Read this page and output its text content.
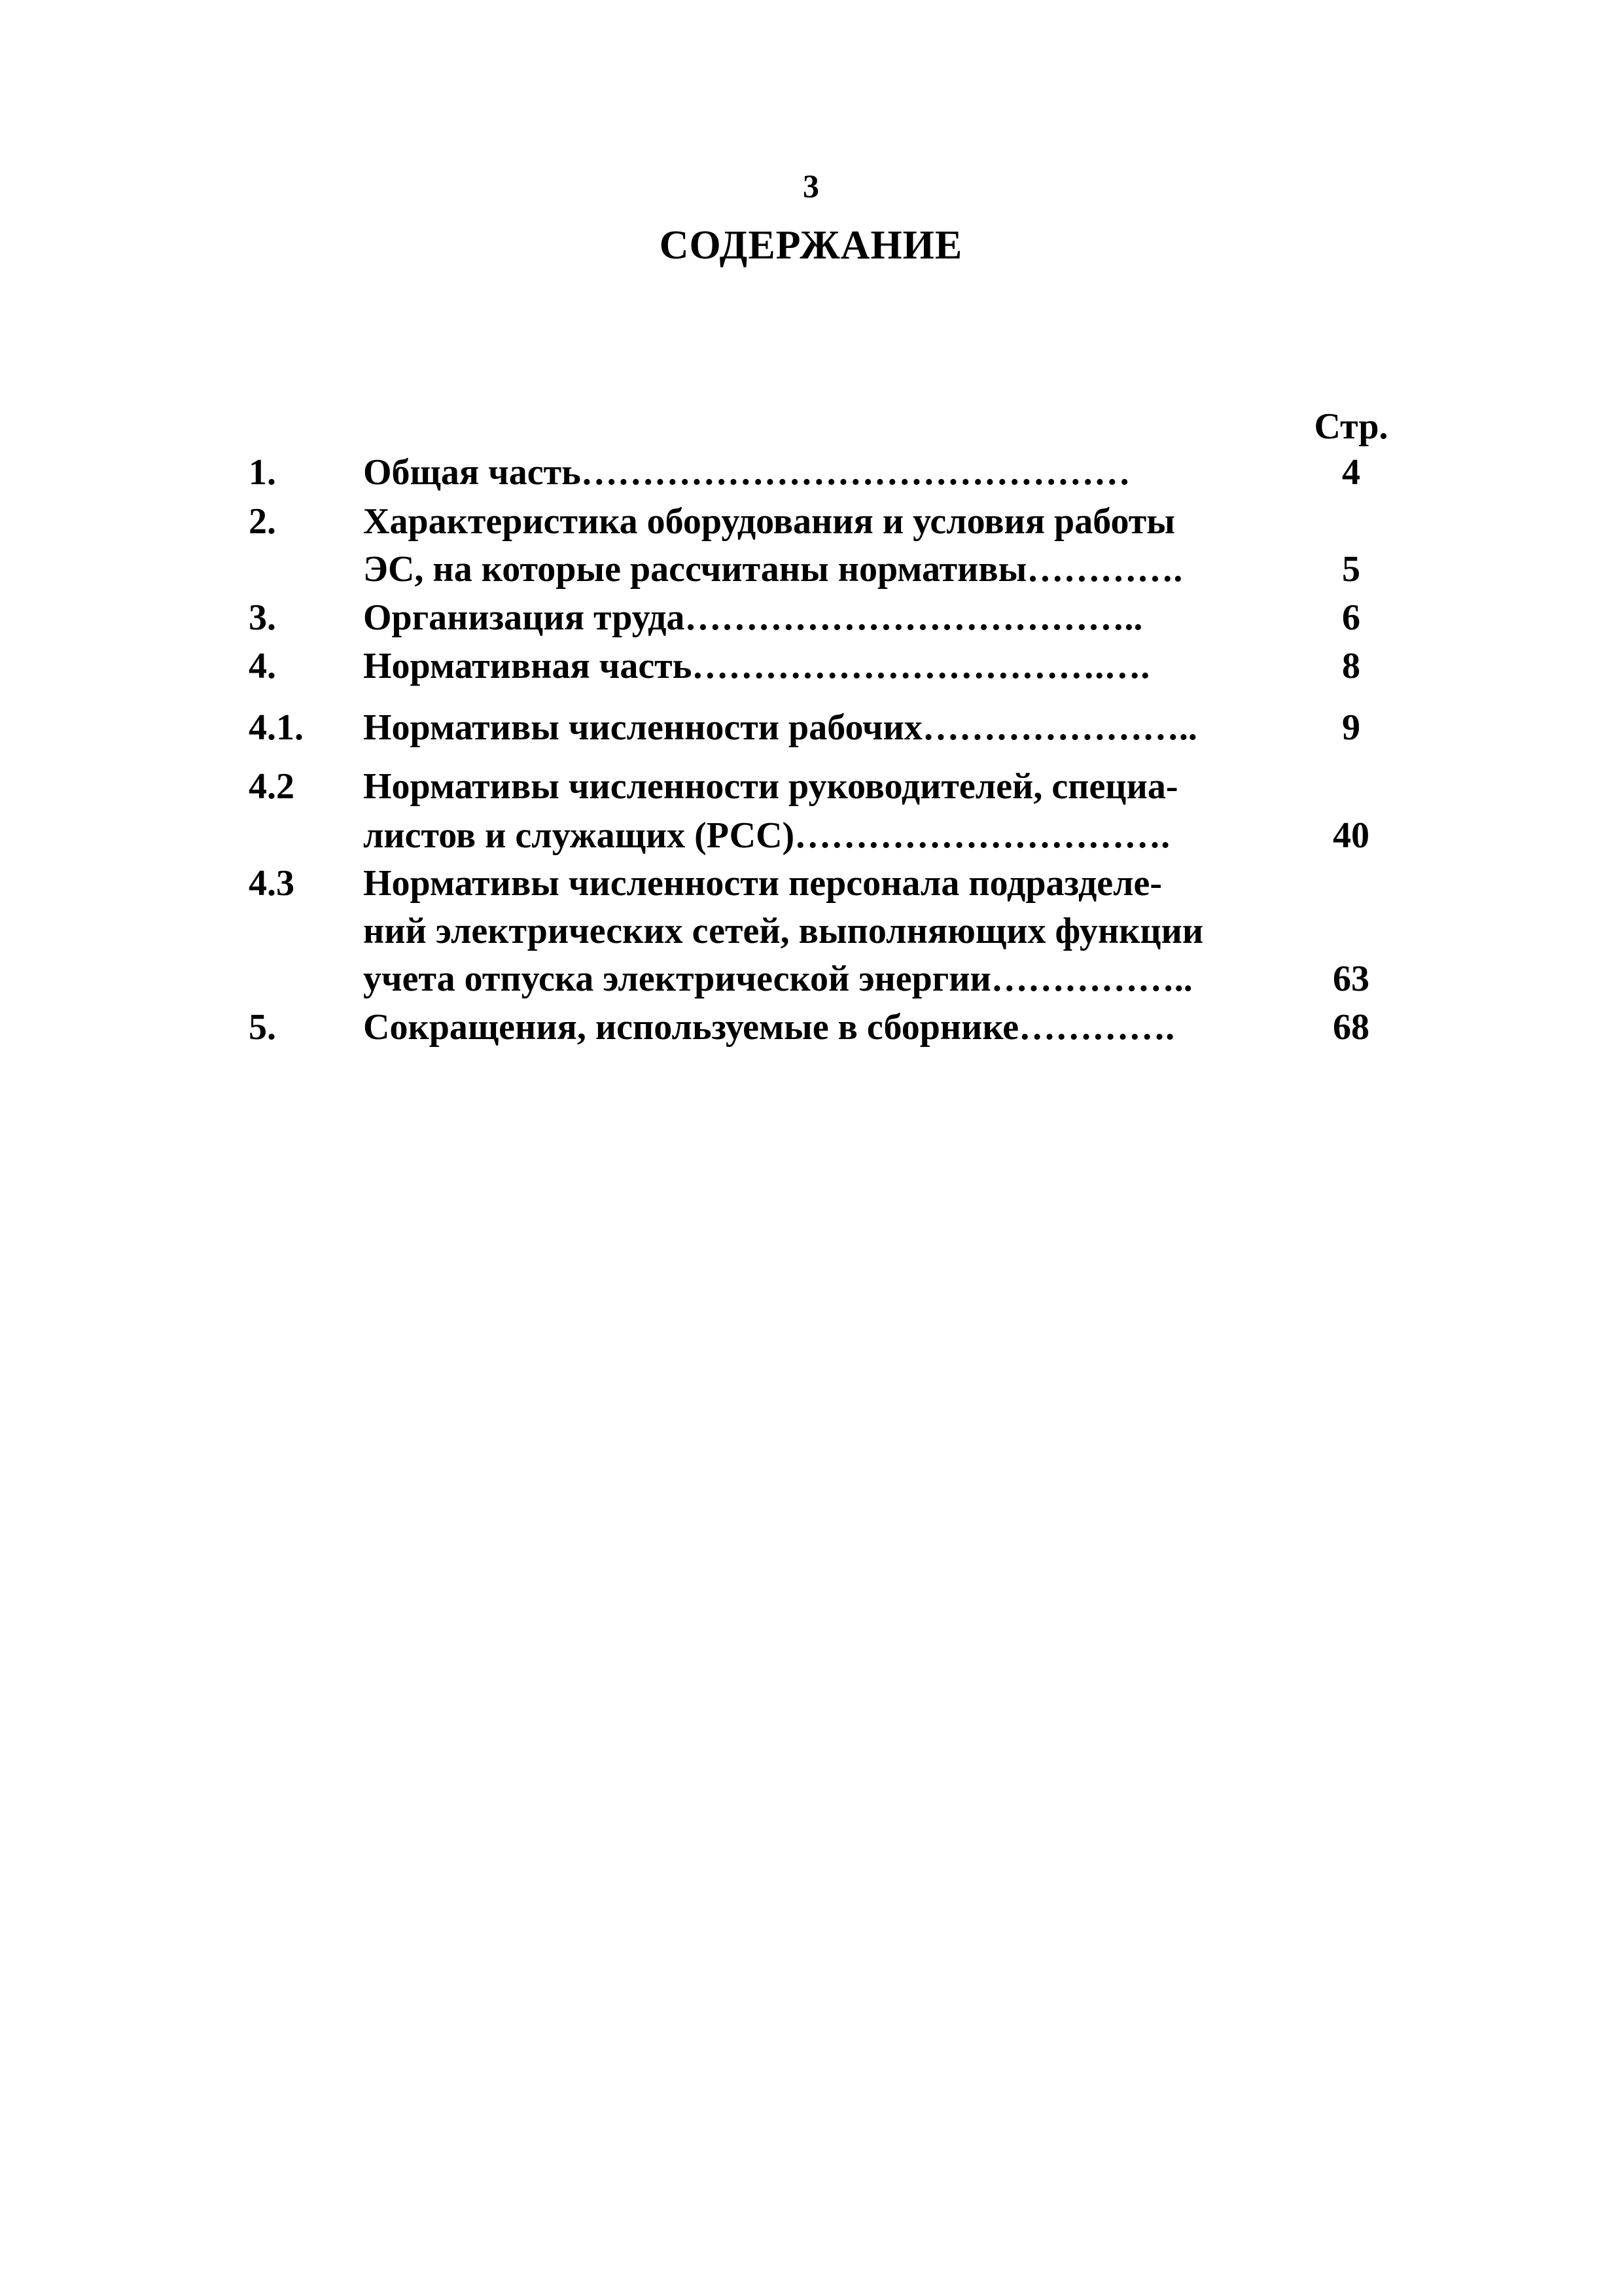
3
СОДЕРЖАНИЕ
Стр.
1. Общая часть………………………………………	4
2. Характеристика оборудования и условия работы
ЭС, на которые рассчитаны нормативы………….	5
3. Организация труда………………………………..	6
4. Нормативная часть…………………………….….	8
4.1. Нормативы численности рабочих…………………..	9
4.2 Нормативы численности руководителей, специа-
листов и служащих (РСС)………………………….	40
4.3 Нормативы численности персонала подразделе-
ний электрических сетей, выполняющих функции
учета отпуска электрической энергии……………..	63
5. Сокращения, используемые в сборнике………….	68
